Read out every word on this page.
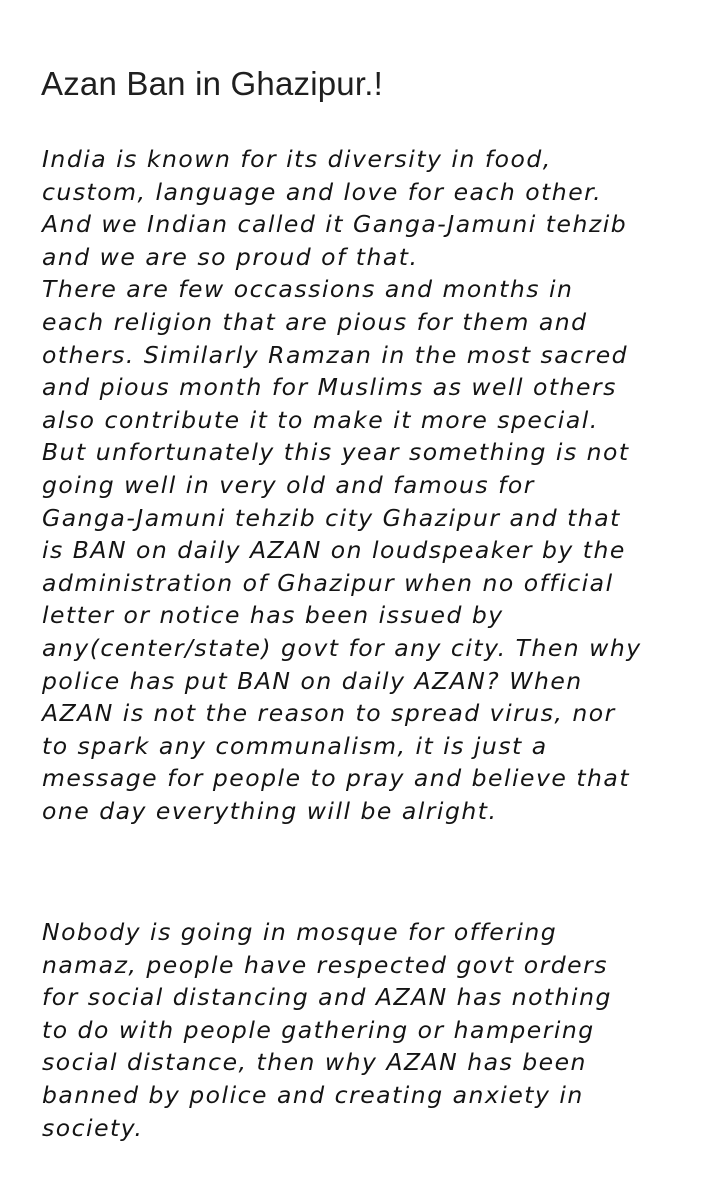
Azan Ban in Ghazipur.!

India is known for its diversity in food,
custom, language and love for each other.
And we Indian called it Ganga-Jamuni tehzib
and we are so proud of that.
There are few occassions and months in
each religion that are pious for them and
others. Similarly Ramzan in the most sacred
and pious month for Muslims as well others
also contribute it to make it more special.
But unfortunately this year something is not
going well in very old and famous for
Ganga-Jamuni tehzib city Ghazipur and that
is BAN on daily AZAN on loudspeaker by the
administration of Ghazipur when no official
letter or notice has been issued by
any(center/state) govt for any city. Then why
police has put BAN on daily AZAN? When
AZAN is not the reason to spread virus, nor
to spark any communalism, it is just a
message for people to pray and believe that
one day everything will be alright.

Nobody is going in mosque for offering
namaz, people have respected govt orders
for social distancing and AZAN has nothing
to do with people gathering or hampering
social distance, then why AZAN has been
banned by police and creating anxiety in
society.
